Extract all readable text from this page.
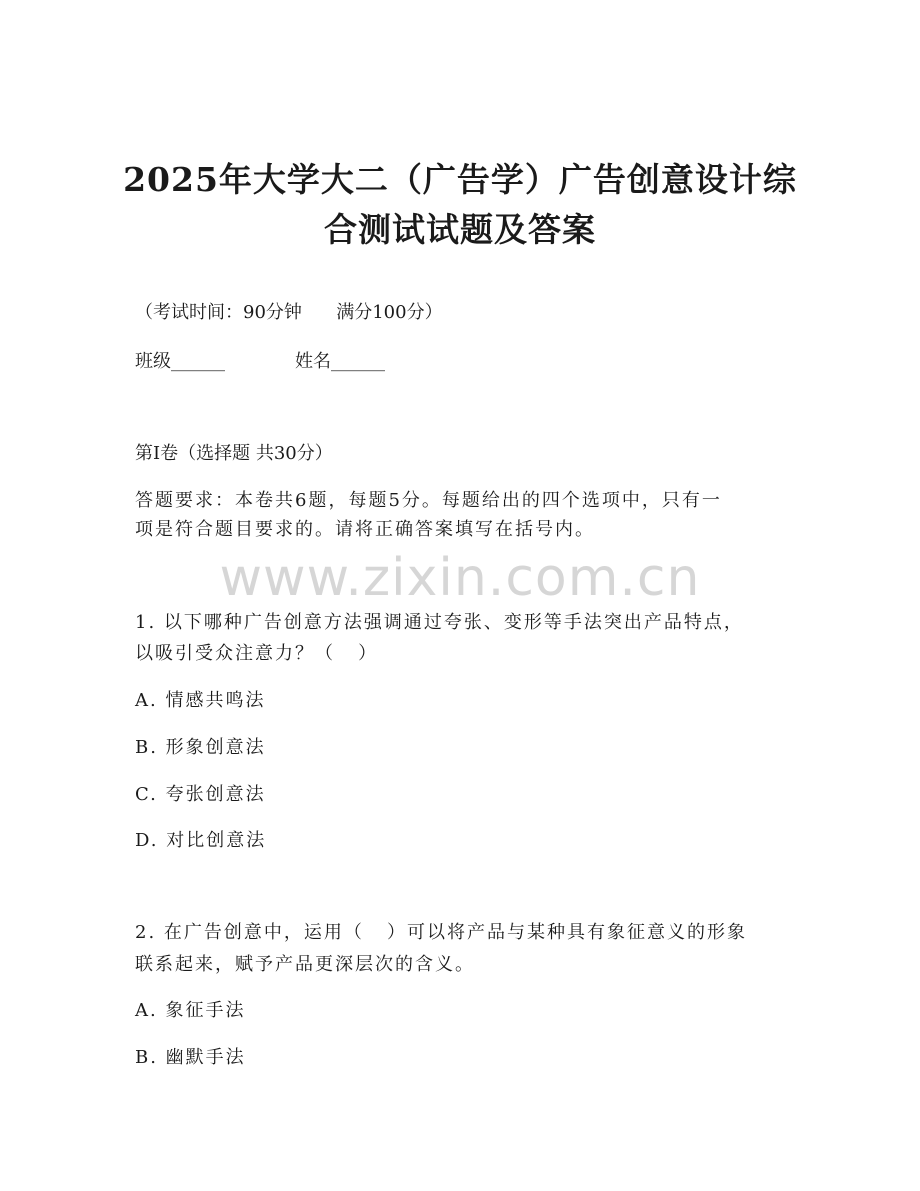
2025年大学大二（广告学）广告创意设计综
合测试试题及答案
（考试时间：90分钟      满分100分）
班级______	姓名______
第I卷（选择题 共30分）
答题要求：本卷共6题，每题5分。每题给出的四个选项中，只有一
项是符合题目要求的。请将正确答案填写在括号内。
www.zixin.com.cn
1. 以下哪种广告创意方法强调通过夸张、变形等手法突出产品特点，
以吸引受众注意力？（   ）
A. 情感共鸣法
B. 形象创意法
C. 夸张创意法
D. 对比创意法
2. 在广告创意中，运用（   ）可以将产品与某种具有象征意义的形象
联系起来，赋予产品更深层次的含义。
A. 象征手法
B. 幽默手法
